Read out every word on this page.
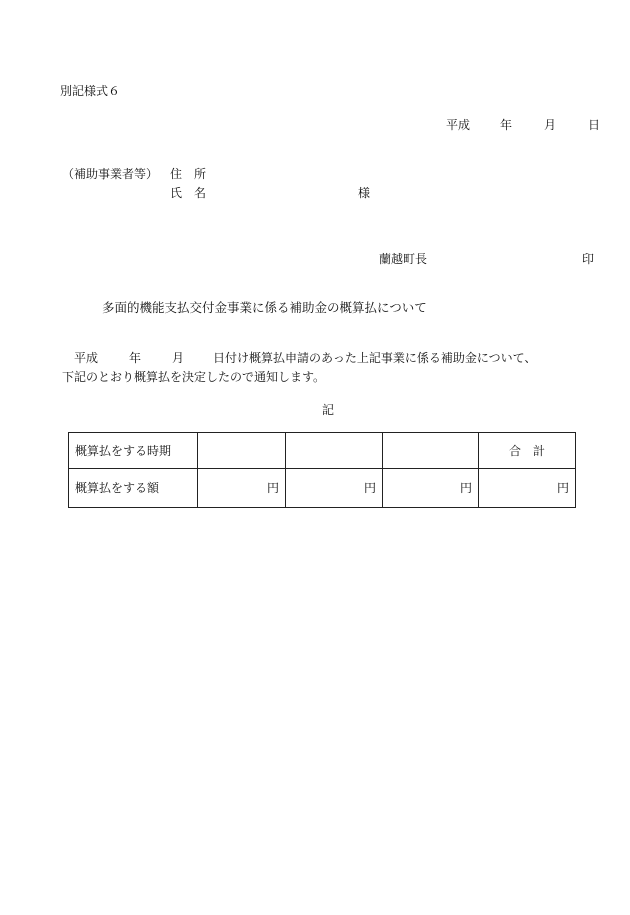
別記様式６
平成 年	月	日
（補助事業者等） 住　所
氏　名	様
蘭越町長	印
多面的機能支払交付金事業に係る補助金の概算払について
平成	年	月 日付け概算払申請のあった上記事業に係る補助金について、
下記のとおり概算払を決定したので通知します。
記
概算払をする時期				合　計
概算払をする額	円	円	円	円
